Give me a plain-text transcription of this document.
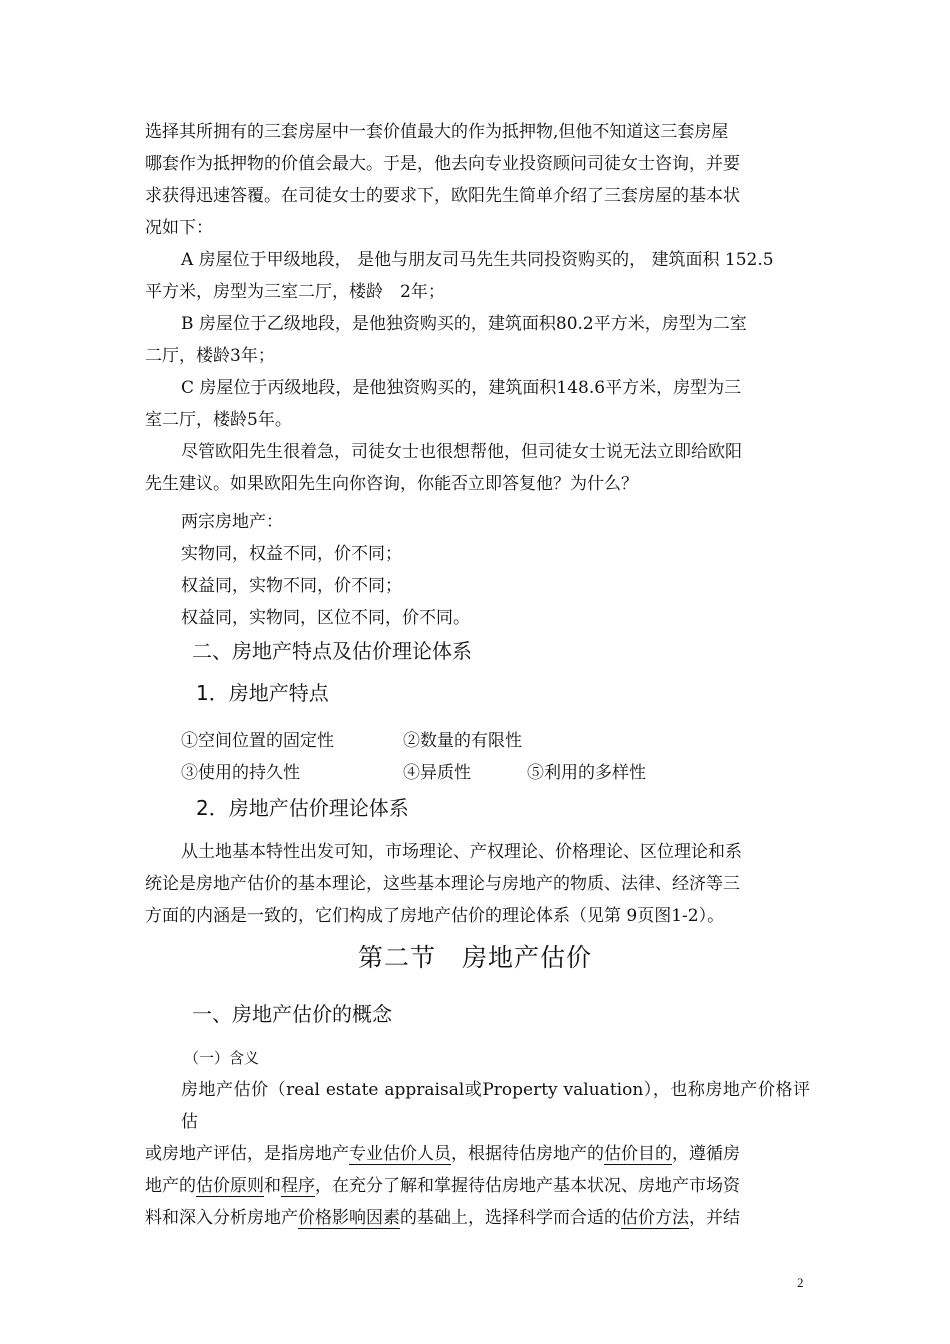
选择其所拥有的三套房屋中一套价值最大的作为抵押物,但他不知道这三套房屋
哪套作为抵押物的价值会最大。于是，他去向专业投资顾问司徒女士咨询，并要
求获得迅速答覆。在司徒女士的要求下，欧阳先生简单介绍了三套房屋的基本状
况如下：
A 房屋位于甲级地段， 是他与朋友司马先生共同投资购买的， 建筑面积 152.5
平方米，房型为三室二厅，楼龄　2年；
B 房屋位于乙级地段，是他独资购买的，建筑面积80.2平方米，房型为二室
二厅，楼龄3年；
C 房屋位于丙级地段，是他独资购买的，建筑面积148.6平方米，房型为三
室二厅，楼龄5年。
尽管欧阳先生很着急，司徒女士也很想帮他，但司徒女士说无法立即给欧阳
先生建议。如果欧阳先生向你咨询，你能否立即答复他？为什么？
两宗房地产：
实物同，权益不同，价不同；
权益同，实物不同，价不同；
权益同，实物同，区位不同，价不同。
二、房地产特点及估价理论体系
1．房地产特点
①空间位置的固定性	②数量的有限性
③使用的持久性	④异质性	⑤利用的多样性
2．房地产估价理论体系
从土地基本特性出发可知，市场理论、产权理论、价格理论、区位理论和系
统论是房地产估价的基本理论，这些基本理论与房地产的物质、法律、经济等三
方面的内涵是一致的，它们构成了房地产估价的理论体系（见第 9页图1-2）。
第二节　房地产估价
一、房地产估价的概念
（一）含义
房地产估价（real estate appraisal或Property valuation），也称房地产价格评估
或房地产评估，是指房地产专业估价人员，根据待估房地产的估价目的，遵循房
地产的估价原则和程序，在充分了解和掌握待估房地产基本状况、房地产市场资
料和深入分析房地产价格影响因素的基础上，选择科学而合适的估价方法，并结
2
